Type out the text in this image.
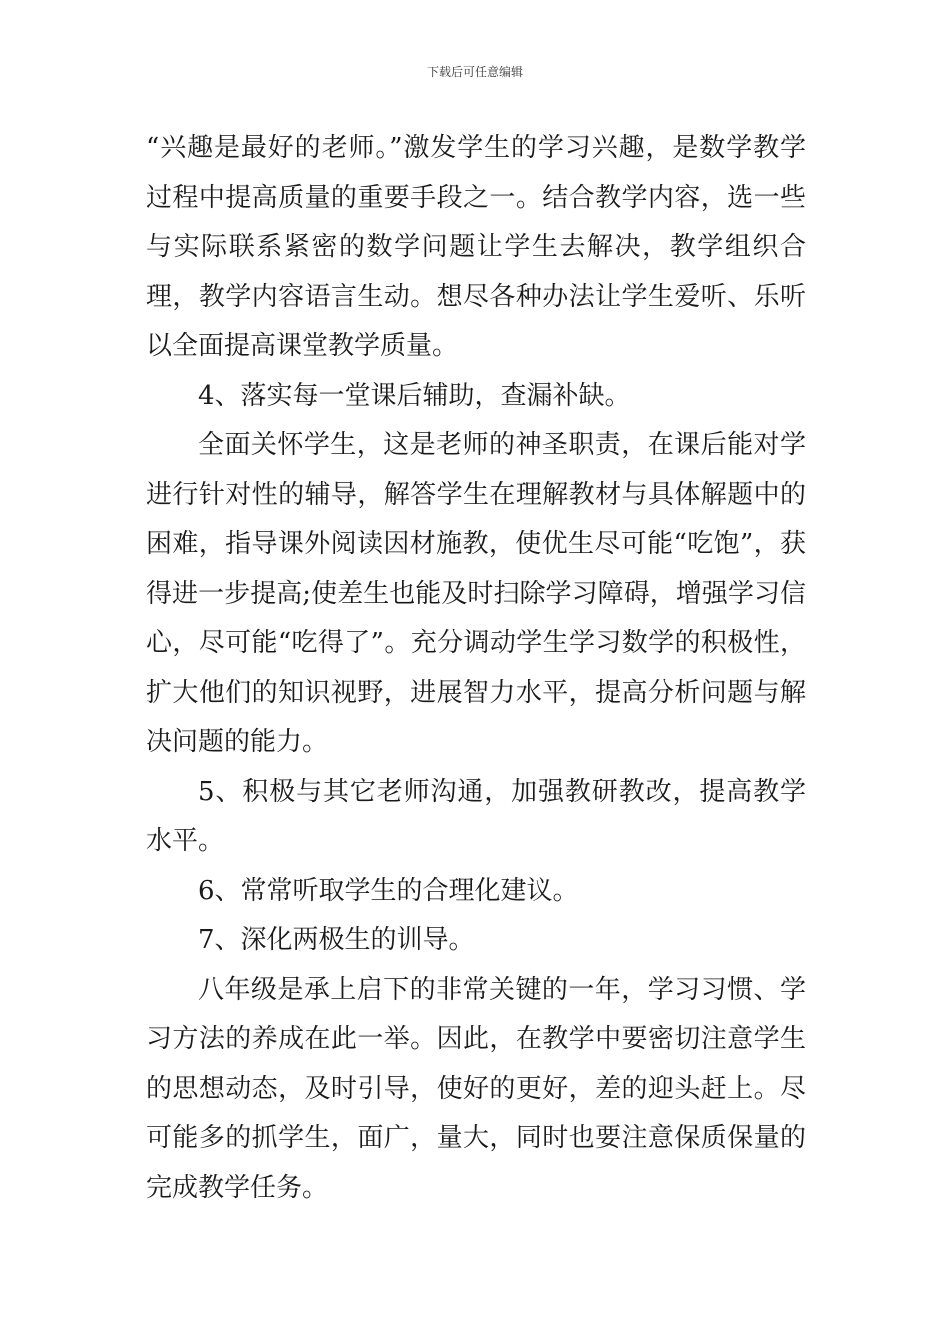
下载后可任意编辑

“兴趣是最好的老师。”激发学生的学习兴趣，是数学教学过程中提高质量的重要手段之一。结合教学内容，选一些与实际联系紧密的数学问题让学生去解决，教学组织合理，教学内容语言生动。想尽各种办法让学生爱听、乐听以全面提高课堂教学质量。

4、落实每一堂课后辅助，查漏补缺。

全面关怀学生，这是老师的神圣职责，在课后能对学进行针对性的辅导，解答学生在理解教材与具体解题中的困难，指导课外阅读因材施教，使优生尽可能“吃饱”，获得进一步提高;使差生也能及时扫除学习障碍，增强学习信心，尽可能“吃得了”。充分调动学生学习数学的积极性，扩大他们的知识视野，进展智力水平，提高分析问题与解决问题的能力。

5、积极与其它老师沟通，加强教研教改，提高教学水平。

6、常常听取学生的合理化建议。

7、深化两极生的训导。

八年级是承上启下的非常关键的一年，学习习惯、学习方法的养成在此一举。因此，在教学中要密切注意学生的思想动态，及时引导，使好的更好，差的迎头赶上。尽可能多的抓学生，面广，量大，同时也要注意保质保量的完成教学任务。
